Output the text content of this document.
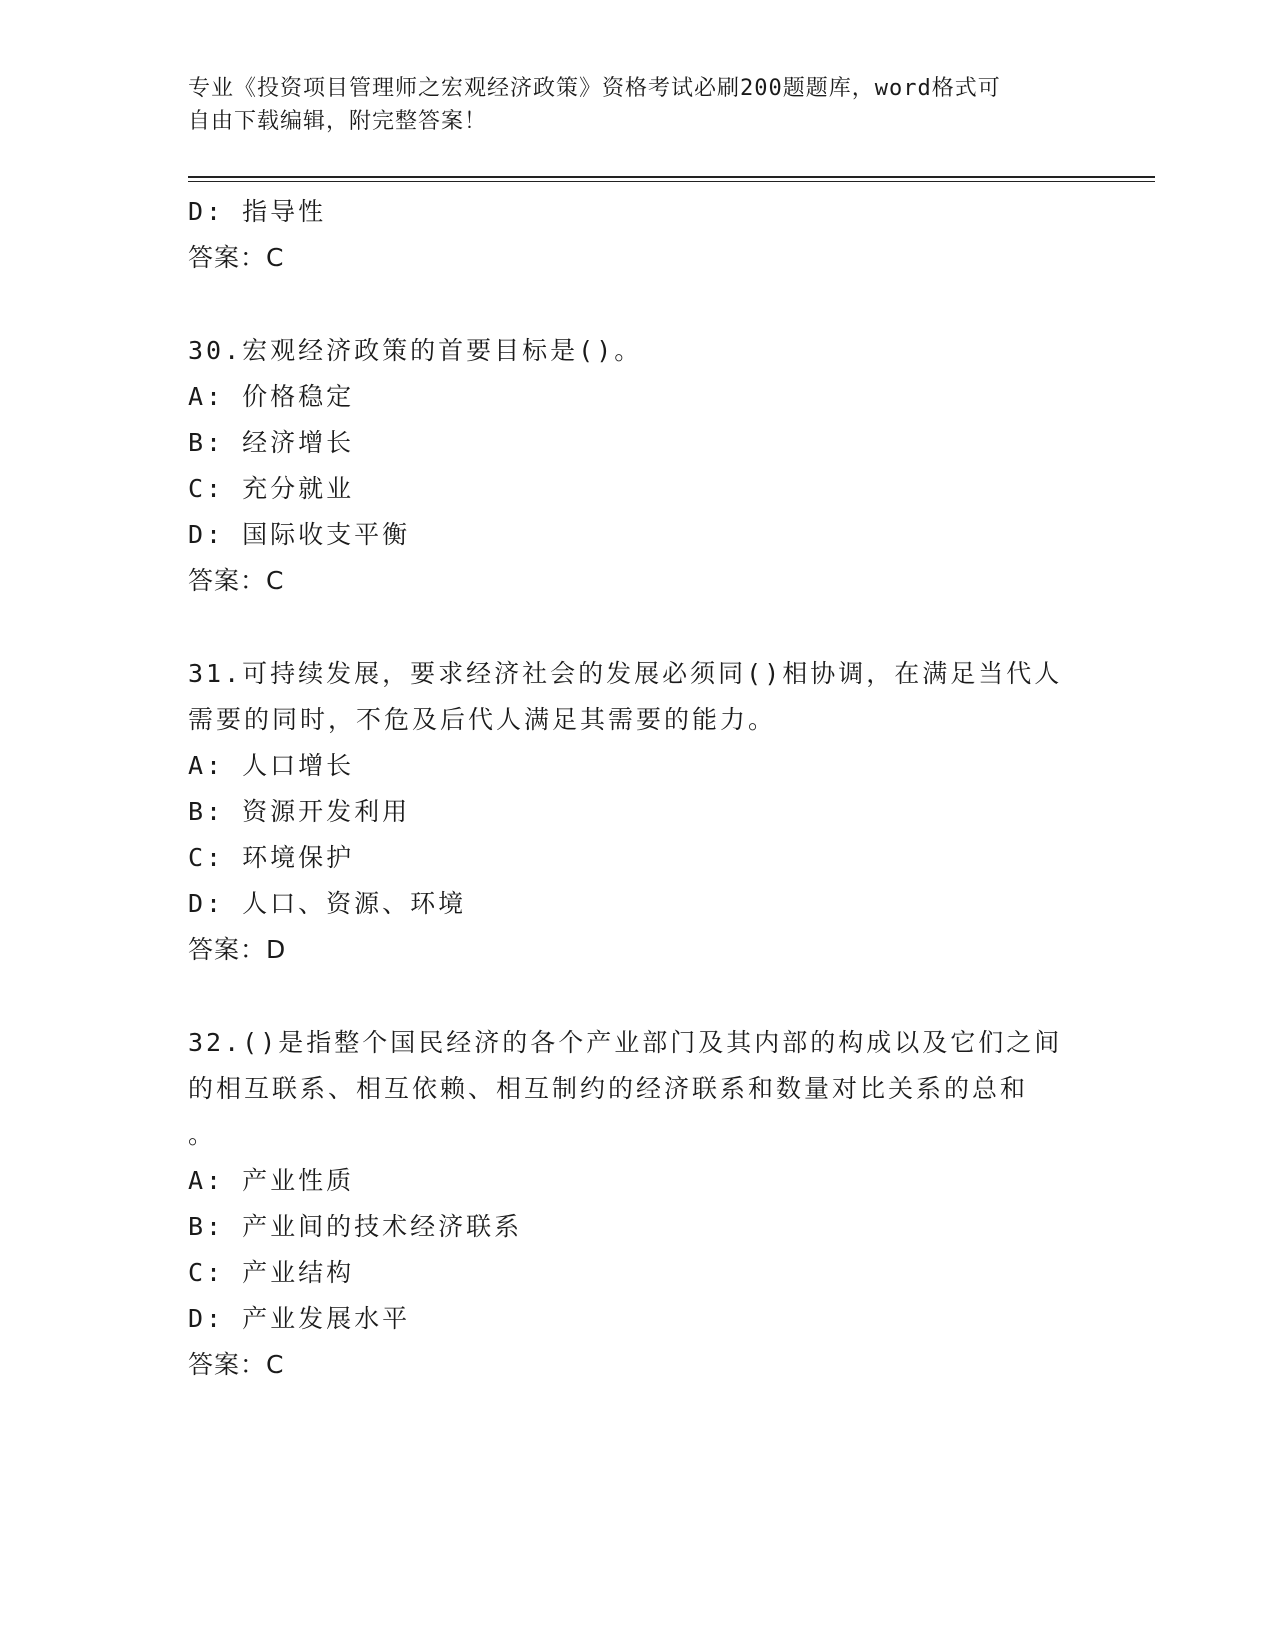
专业《投资项目管理师之宏观经济政策》资格考试必刷200题题库，word格式可
自由下载编辑，附完整答案！
D: 指导性
答案：C
30.宏观经济政策的首要目标是()。
A: 价格稳定
B: 经济增长
C: 充分就业
D: 国际收支平衡
答案：C
31.可持续发展，要求经济社会的发展必须同()相协调，在满足当代人
需要的同时，不危及后代人满足其需要的能力。
A: 人口增长
B: 资源开发利用
C: 环境保护
D: 人口、资源、环境
答案：D
32.()是指整个国民经济的各个产业部门及其内部的构成以及它们之间
的相互联系、相互依赖、相互制约的经济联系和数量对比关系的总和
。
A: 产业性质
B: 产业间的技术经济联系
C: 产业结构
D: 产业发展水平
答案：C
